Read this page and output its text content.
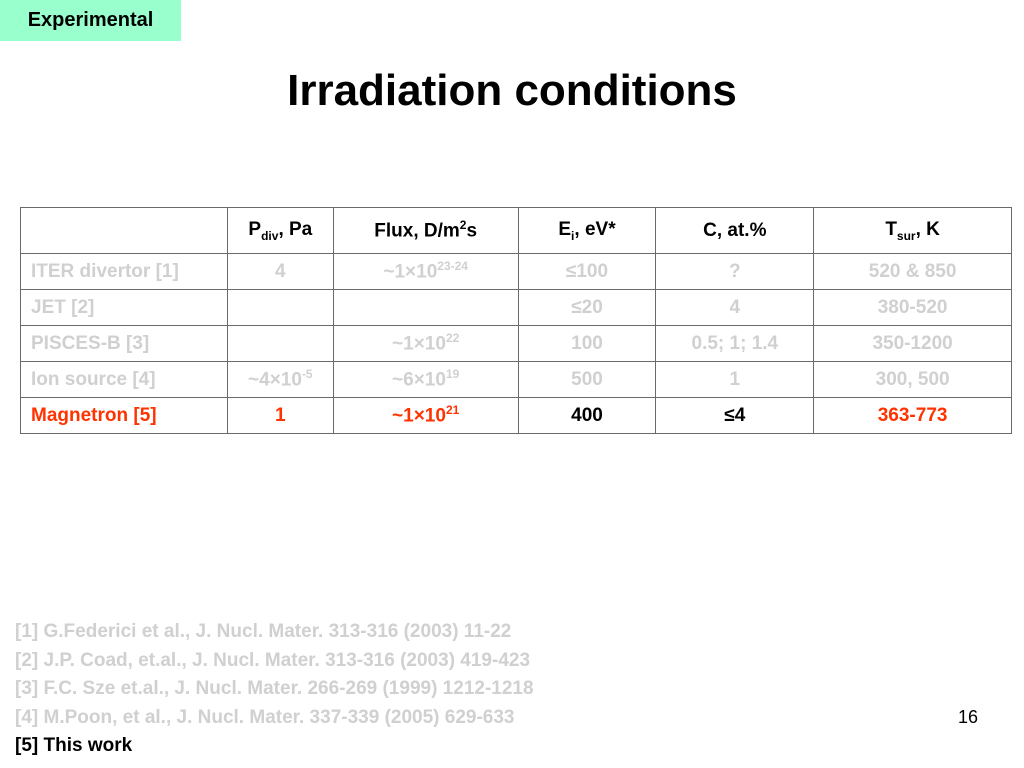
Experimental
Irradiation conditions
	$P_{div}$, Pa	Flux, $D/m^2s$	$E_i$, eV*	C, at.%	$T_{sur}$, K
ITER divertor [1]	4	$\sim 1\times 10^{23-24}$	≤100	?	520 & 850
JET [2]			≤20	4	380-520
PISCES-B [3]		$\sim 1\times 10^{22}$	100	0.5; 1; 1.4	350-1200
Ion source [4]	$\sim 4\times 10^{-5}$	$\sim 6\times 10^{19}$	500	1	300, 500
Magnetron [5]	1	$\sim 1\times 10^{21}$	400	≤4	363-773
[1] G.Federici et al., J. Nucl. Mater. 313-316 (2003) 11-22
[2] J.P. Coad, et.al., J. Nucl. Mater. 313-316 (2003) 419-423
[3] F.C. Sze et.al., J. Nucl. Mater. 266-269 (1999) 1212-1218
[4] M.Poon, et al., J. Nucl. Mater. 337-339 (2005) 629-633
[5] This work
16
